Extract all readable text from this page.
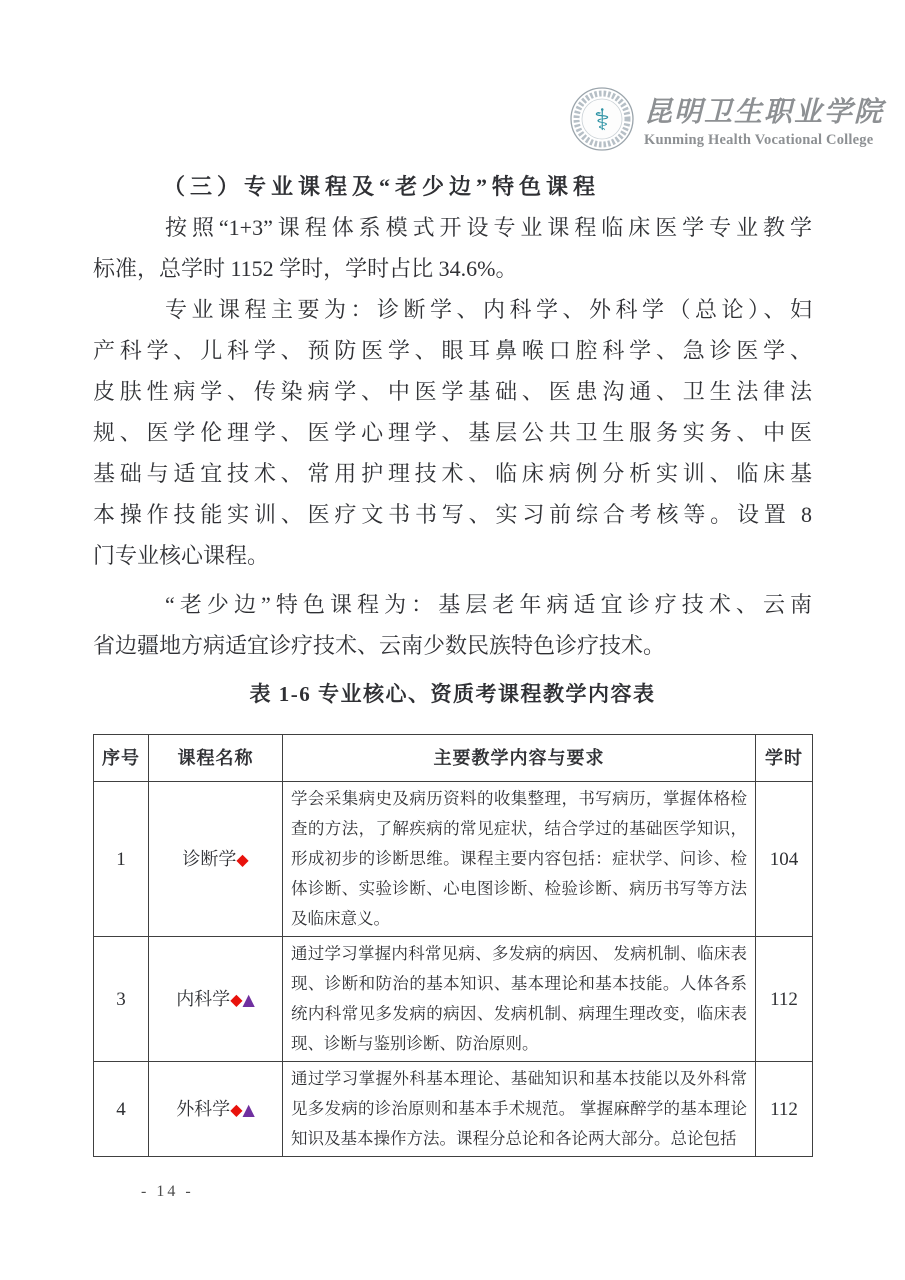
⚕ 昆明卫生职业学院
Kunming Health Vocational College
（三）专业课程及“老少边”特色课程
按照“1+3”课程体系模式开设专业课程临床医学专业教学
标准，总学时 1152 学时，学时占比 34.6%。
专业课程主要为：诊断学、内科学、外科学（总论）、妇
产科学、儿科学、预防医学、眼耳鼻喉口腔科学、急诊医学、
皮肤性病学、传染病学、中医学基础、医患沟通、卫生法律法
规、医学伦理学、医学心理学、基层公共卫生服务实务、中医
基础与适宜技术、常用护理技术、临床病例分析实训、临床基
本操作技能实训、医疗文书书写、实习前综合考核等。设置 8
门专业核心课程。
“老少边”特色课程为：基层老年病适宜诊疗技术、云南
省边疆地方病适宜诊疗技术、云南少数民族特色诊疗技术。
表 1-6 专业核心、资质考课程教学内容表
序号	课程名称	主要教学内容与要求	学时
1	诊断学◆	学会采集病史及病历资料的收集整理，书写病历，掌握体格检查的方法，了解疾病的常见症状，结合学过的基础医学知识，形成初步的诊断思维。课程主要内容包括：症状学、问诊、检体诊断、实验诊断、心电图诊断、检验诊断、病历书写等方法及临床意义。	104
3	内科学◆▲	通过学习掌握内科常见病、多发病的病因、 发病机制、临床表现、诊断和防治的基本知识、基本理论和基本技能。人体各系统内科常见多发病的病因、发病机制、病理生理改变，临床表现、诊断与鉴别诊断、防治原则。	112
4	外科学◆▲	通过学习掌握外科基本理论、基础知识和基本技能以及外科常见多发病的诊治原则和基本手术规范。 掌握麻醉学的基本理论知识及基本操作方法。课程分总论和各论两大部分。总论包括	112
- 14 -
